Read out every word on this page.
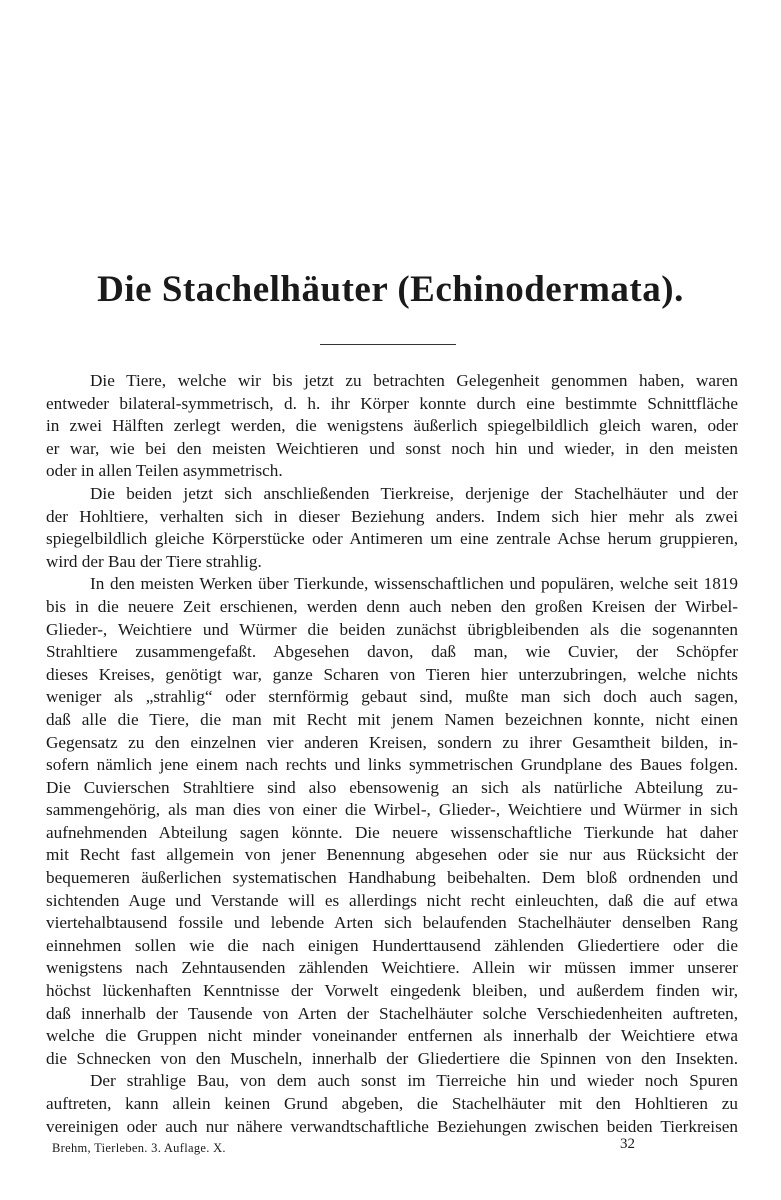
Die Stachelhäuter (Echinodermata).
Die Tiere, welche wir bis jetzt zu betrachten Gelegenheit genommen haben, waren
entweder bilateral-symmetrisch, d. h. ihr Körper konnte durch eine bestimmte Schnittfläche
in zwei Hälften zerlegt werden, die wenigstens äußerlich spiegelbildlich gleich waren, oder
er war, wie bei den meisten Weichtieren und sonst noch hin und wieder, in den meisten
oder in allen Teilen asymmetrisch.
Die beiden jetzt sich anschließenden Tierkreise, derjenige der Stachelhäuter und der
der Hohltiere, verhalten sich in dieser Beziehung anders. Indem sich hier mehr als zwei
spiegelbildlich gleiche Körperstücke oder Antimeren um eine zentrale Achse herum gruppieren,
wird der Bau der Tiere strahlig.
In den meisten Werken über Tierkunde, wissenschaftlichen und populären, welche seit 1819
bis in die neuere Zeit erschienen, werden denn auch neben den großen Kreisen der Wirbel-
Glieder-, Weichtiere und Würmer die beiden zunächst übrigbleibenden als die sogenannten
Strahltiere zusammengefaßt. Abgesehen davon, daß man, wie Cuvier, der Schöpfer
dieses Kreises, genötigt war, ganze Scharen von Tieren hier unterzubringen, welche nichts
weniger als „strahlig“ oder sternförmig gebaut sind, mußte man sich doch auch sagen,
daß alle die Tiere, die man mit Recht mit jenem Namen bezeichnen konnte, nicht einen
Gegensatz zu den einzelnen vier anderen Kreisen, sondern zu ihrer Gesamtheit bilden, in-
sofern nämlich jene einem nach rechts und links symmetrischen Grundplane des Baues folgen.
Die Cuvierschen Strahltiere sind also ebensowenig an sich als natürliche Abteilung zu-
sammengehörig, als man dies von einer die Wirbel-, Glieder-, Weichtiere und Würmer in sich
aufnehmenden Abteilung sagen könnte. Die neuere wissenschaftliche Tierkunde hat daher
mit Recht fast allgemein von jener Benennung abgesehen oder sie nur aus Rücksicht der
bequemeren äußerlichen systematischen Handhabung beibehalten. Dem bloß ordnenden und
sichtenden Auge und Verstande will es allerdings nicht recht einleuchten, daß die auf etwa
viertehalbtausend fossile und lebende Arten sich belaufenden Stachelhäuter denselben Rang
einnehmen sollen wie die nach einigen Hunderttausend zählenden Gliedertiere oder die
wenigstens nach Zehntausenden zählenden Weichtiere. Allein wir müssen immer unserer
höchst lückenhaften Kenntnisse der Vorwelt eingedenk bleiben, und außerdem finden wir,
daß innerhalb der Tausende von Arten der Stachelhäuter solche Verschiedenheiten auftreten,
welche die Gruppen nicht minder voneinander entfernen als innerhalb der Weichtiere etwa
die Schnecken von den Muscheln, innerhalb der Gliedertiere die Spinnen von den Insekten.
Der strahlige Bau, von dem auch sonst im Tierreiche hin und wieder noch Spuren
auftreten, kann allein keinen Grund abgeben, die Stachelhäuter mit den Hohltieren zu
vereinigen oder auch nur nähere verwandtschaftliche Beziehungen zwischen beiden Tierkreisen
Brehm, Tierleben. 3. Auflage. X.	32
